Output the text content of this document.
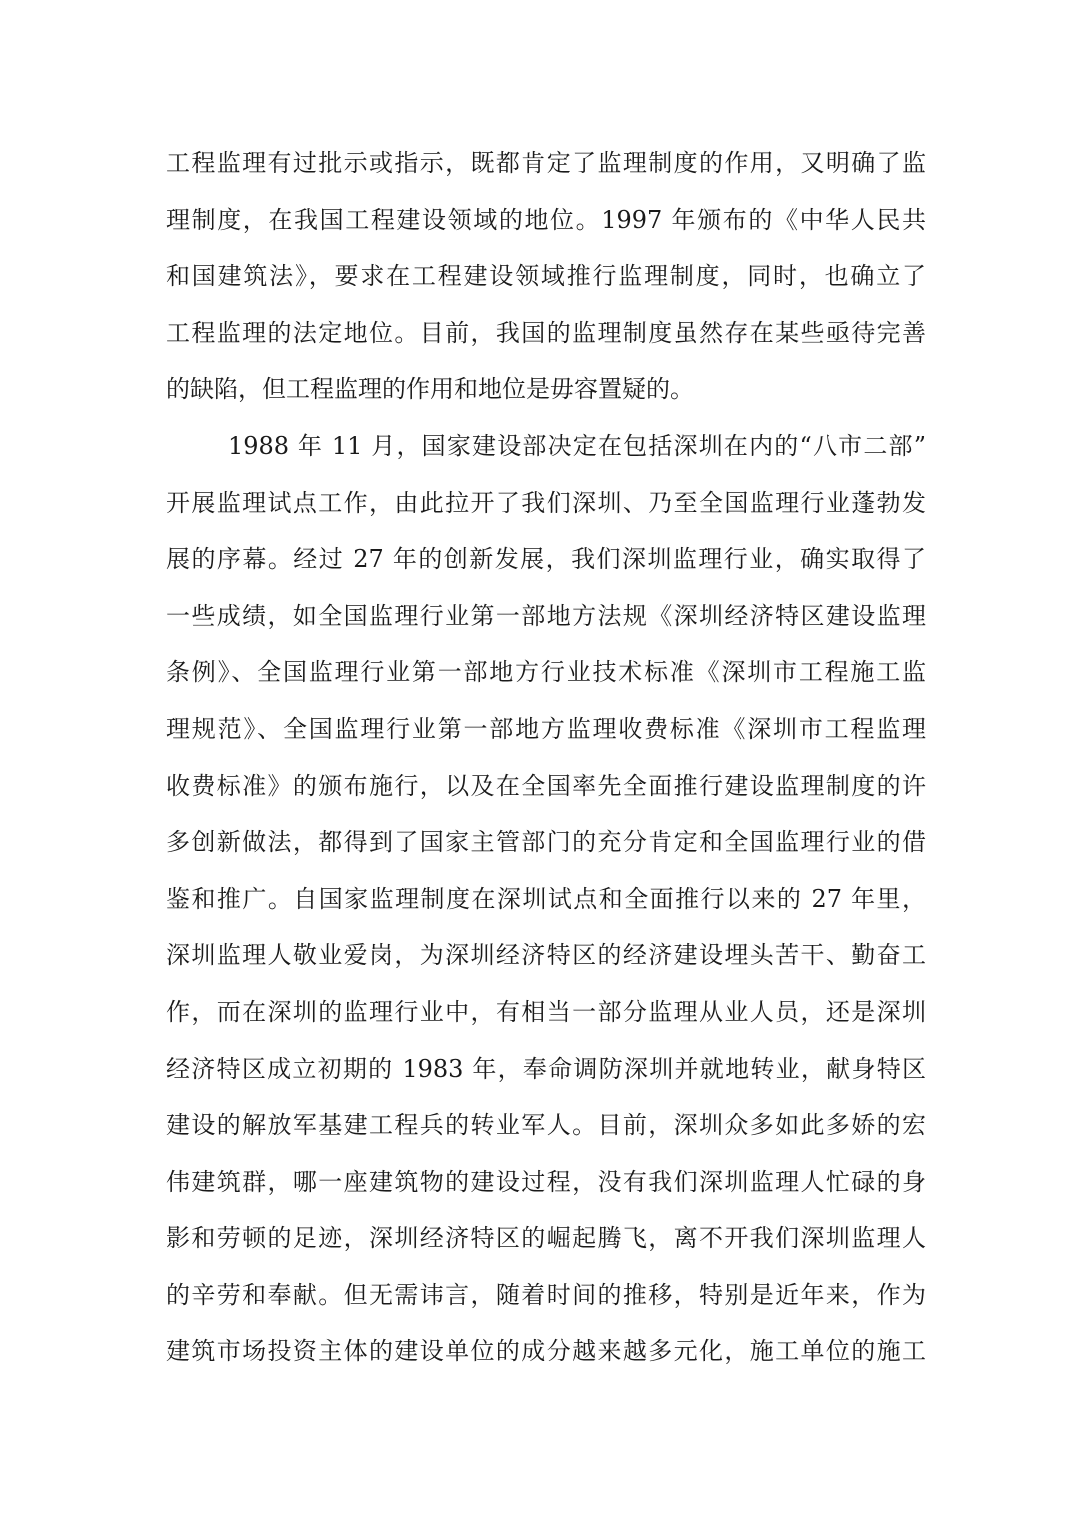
工程监理有过批示或指示，既都肯定了监理制度的作用，又明确了监
理制度，在我国工程建设领域的地位。1997 年颁布的《中华人民共
和国建筑法》，要求在工程建设领域推行监理制度，同时，也确立了
工程监理的法定地位。目前，我国的监理制度虽然存在某些亟待完善
的缺陷，但工程监理的作用和地位是毋容置疑的。
1988 年 11 月，国家建设部决定在包括深圳在内的“八市二部”
开展监理试点工作，由此拉开了我们深圳、乃至全国监理行业蓬勃发
展的序幕。经过 27 年的创新发展，我们深圳监理行业，确实取得了
一些成绩，如全国监理行业第一部地方法规《深圳经济特区建设监理
条例》、全国监理行业第一部地方行业技术标准《深圳市工程施工监
理规范》、全国监理行业第一部地方监理收费标准《深圳市工程监理
收费标准》的颁布施行，以及在全国率先全面推行建设监理制度的许
多创新做法，都得到了国家主管部门的充分肯定和全国监理行业的借
鉴和推广。自国家监理制度在深圳试点和全面推行以来的 27 年里，
深圳监理人敬业爱岗，为深圳经济特区的经济建设埋头苦干、勤奋工
作，而在深圳的监理行业中，有相当一部分监理从业人员，还是深圳
经济特区成立初期的 1983 年，奉命调防深圳并就地转业，献身特区
建设的解放军基建工程兵的转业军人。目前，深圳众多如此多娇的宏
伟建筑群，哪一座建筑物的建设过程，没有我们深圳监理人忙碌的身
影和劳顿的足迹，深圳经济特区的崛起腾飞，离不开我们深圳监理人
的辛劳和奉献。但无需讳言，随着时间的推移，特别是近年来，作为
建筑市场投资主体的建设单位的成分越来越多元化，施工单位的施工
